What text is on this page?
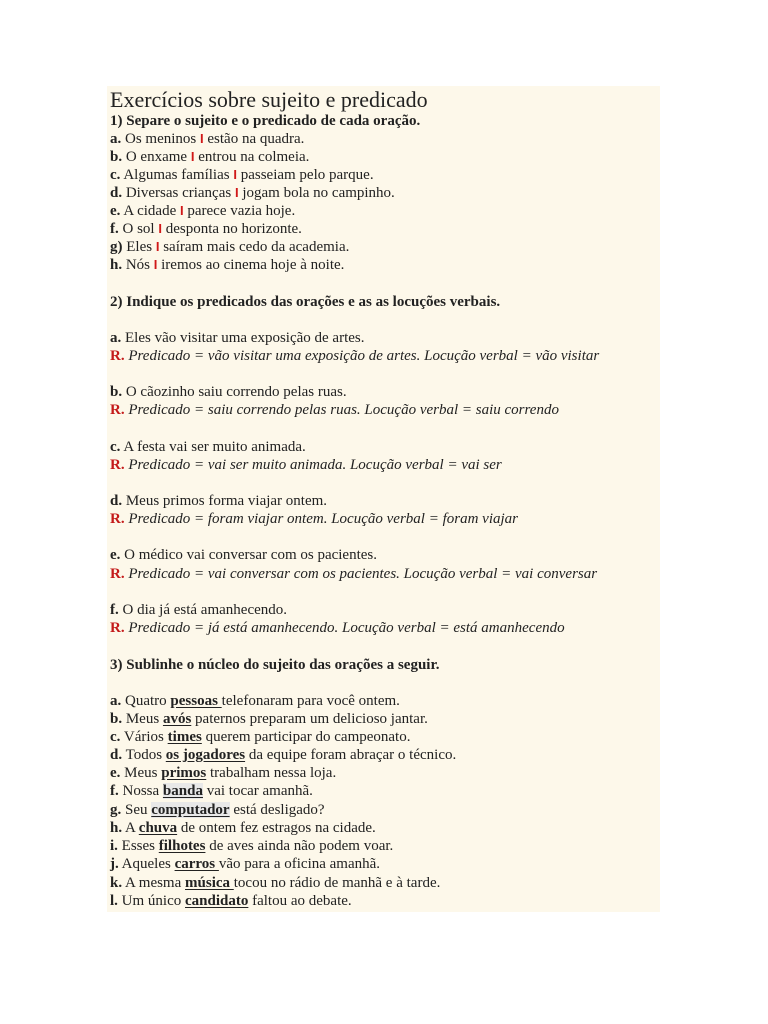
Exercícios sobre sujeito e predicado
1) Separe o sujeito e o predicado de cada oração.
a. Os meninos I estão na quadra.
b. O enxame I entrou na colmeia.
c. Algumas famílias I passeiam pelo parque.
d. Diversas crianças I jogam bola no campinho.
e. A cidade I parece vazia hoje.
f. O sol I desponta no horizonte.
g) Eles I saíram mais cedo da academia.
h. Nós I iremos ao cinema hoje à noite.
2) Indique os predicados das orações e as as locuções verbais.
a. Eles vão visitar uma exposição de artes.
R. Predicado = vão visitar uma exposição de artes. Locução verbal = vão visitar
b. O cãozinho saiu correndo pelas ruas.
R. Predicado = saiu correndo pelas ruas. Locução verbal = saiu correndo
c. A festa vai ser muito animada.
R. Predicado = vai ser muito animada. Locução verbal = vai ser
d. Meus primos forma viajar ontem.
R. Predicado = foram viajar ontem. Locução verbal = foram viajar
e. O médico vai conversar com os pacientes.
R. Predicado = vai conversar com os pacientes. Locução verbal = vai conversar
f. O dia já está amanhecendo.
R. Predicado = já está amanhecendo. Locução verbal = está amanhecendo
3) Sublinhe o núcleo do sujeito das orações a seguir.
a. Quatro pessoas telefonaram para você ontem.
b. Meus avós paternos preparam um delicioso jantar.
c. Vários times querem participar do campeonato.
d. Todos os jogadores da equipe foram abraçar o técnico.
e. Meus primos trabalham nessa loja.
f. Nossa banda vai tocar amanhã.
g. Seu computador está desligado?
h. A chuva de ontem fez estragos na cidade.
i. Esses filhotes de aves ainda não podem voar.
j. Aqueles carros vão para a oficina amanhã.
k. A mesma música tocou no rádio de manhã e à tarde.
l. Um único candidato faltou ao debate.
